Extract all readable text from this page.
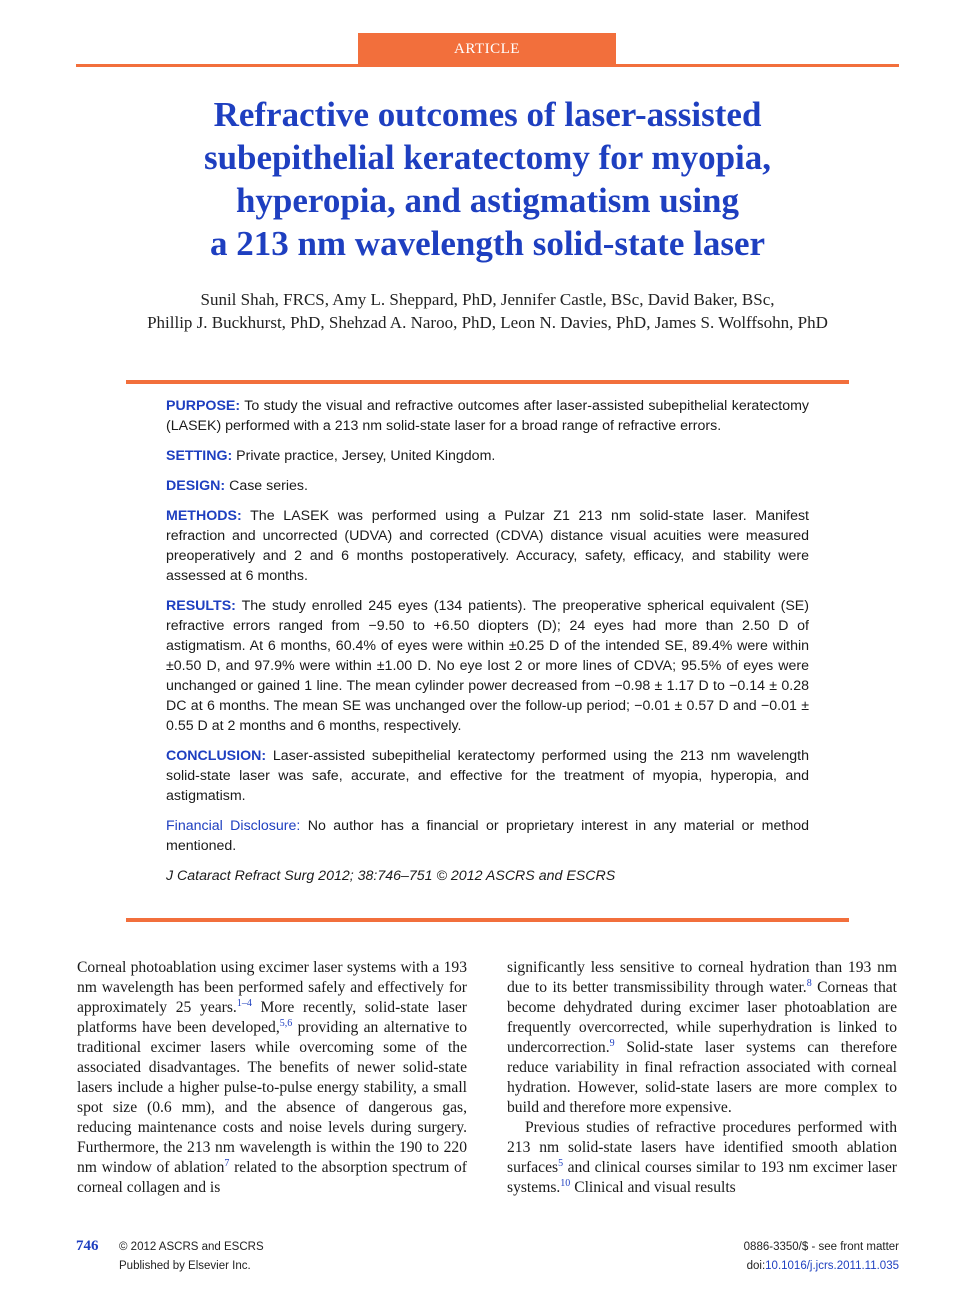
ARTICLE
Refractive outcomes of laser-assisted
subepithelial keratectomy for myopia,
hyperopia, and astigmatism using
a 213 nm wavelength solid-state laser
Sunil Shah, FRCS, Amy L. Sheppard, PhD, Jennifer Castle, BSc, David Baker, BSc,
Phillip J. Buckhurst, PhD, Shehzad A. Naroo, PhD, Leon N. Davies, PhD, James S. Wolffsohn, PhD

PURPOSE: To study the visual and refractive outcomes after laser-assisted subepithelial keratectomy (LASEK) performed with a 213 nm solid-state laser for a broad range of refractive errors.

SETTING: Private practice, Jersey, United Kingdom.

DESIGN: Case series.

METHODS: The LASEK was performed using a Pulzar Z1 213 nm solid-state laser. Manifest refraction and uncorrected (UDVA) and corrected (CDVA) distance visual acuities were measured preoperatively and 2 and 6 months postoperatively. Accuracy, safety, efficacy, and stability were assessed at 6 months.

RESULTS: The study enrolled 245 eyes (134 patients). The preoperative spherical equivalent (SE) refractive errors ranged from −9.50 to +6.50 diopters (D); 24 eyes had more than 2.50 D of astigmatism. At 6 months, 60.4% of eyes were within ±0.25 D of the intended SE, 89.4% were within ±0.50 D, and 97.9% were within ±1.00 D. No eye lost 2 or more lines of CDVA; 95.5% of eyes were unchanged or gained 1 line. The mean cylinder power decreased from −0.98 ± 1.17 D to −0.14 ± 0.28 DC at 6 months. The mean SE was unchanged over the follow-up period; −0.01 ± 0.57 D and −0.01 ± 0.55 D at 2 months and 6 months, respectively.

CONCLUSION: Laser-assisted subepithelial keratectomy performed using the 213 nm wavelength solid-state laser was safe, accurate, and effective for the treatment of myopia, hyperopia, and astigmatism.

Financial Disclosure: No author has a financial or proprietary interest in any material or method mentioned.

J Cataract Refract Surg 2012; 38:746–751 © 2012 ASCRS and ESCRS

Corneal photoablation using excimer laser systems with a 193 nm wavelength has been performed safely and effectively for approximately 25 years.$^{1-4}$ More recently, solid-state laser platforms have been developed,$^{5,6}$ providing an alternative to traditional excimer lasers while overcoming some of the associated disadvantages. The benefits of newer solid-state lasers include a higher pulse-to-pulse energy stability, a small spot size (0.6 mm), and the absence of dangerous gas, reducing maintenance costs and noise levels during surgery. Furthermore, the 213 nm wavelength is within the 190 to 220 nm window of ablation$^7$ related to the absorption spectrum of corneal collagen and is

significantly less sensitive to corneal hydration than 193 nm due to its better transmissibility through water.$^8$ Corneas that become dehydrated during excimer laser photoablation are frequently overcorrected, while superhydration is linked to undercorrection.$^9$ Solid-state laser systems can therefore reduce variability in final refraction associated with corneal hydration. However, solid-state lasers are more complex to build and therefore more expensive.

Previous studies of refractive procedures performed with 213 nm solid-state lasers have identified smooth ablation surfaces$^5$ and clinical courses similar to 193 nm excimer laser systems.$^{10}$ Clinical and visual results

746 © 2012 ASCRS and ESCRS
Published by Elsevier Inc.
0886-3350/$ - see front matter
doi:10.1016/j.jcrs.2011.11.035
